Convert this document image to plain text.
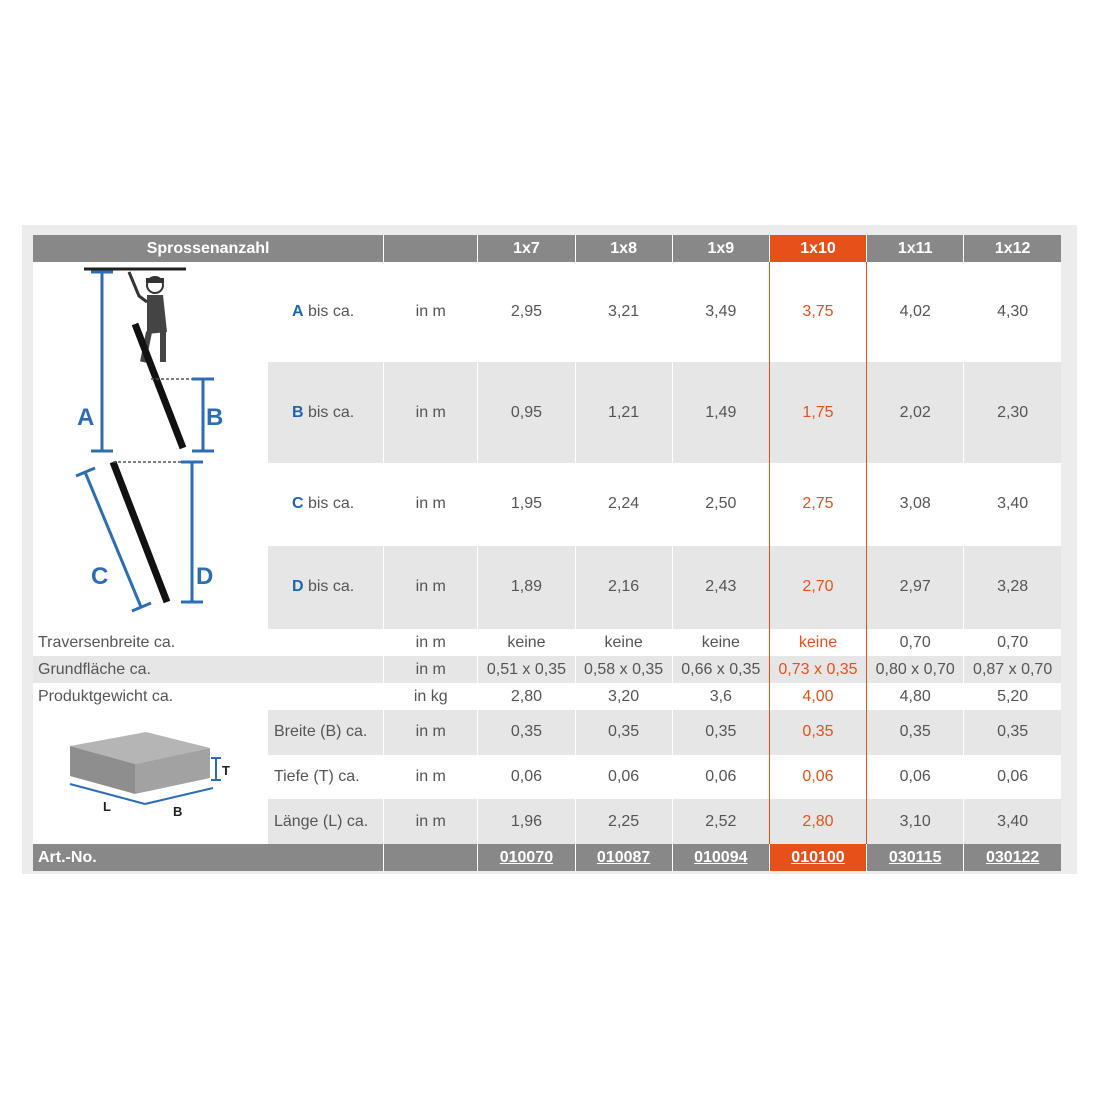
Sprossenanzahl			1x7	1x8	1x9	1x10	1x11	1x12

A B
C D	A bis ca.	in m	2,95	3,21	3,49	3,75	4,02	4,30
	B bis ca.	in m	0,95	1,21	1,49	1,75	2,02	2,30
	C bis ca.	in m	1,95	2,24	2,50	2,75	3,08	3,40
	D bis ca.	in m	1,89	2,16	2,43	2,70	2,97	3,28
Traversenbreite ca.		in m	keine	keine	keine	keine	0,70	0,70
Grundfläche ca.		in m	0,51 x 0,35	0,58 x 0,35	0,66 x 0,35	0,73 x 0,35	0,80 x 0,70	0,87 x 0,70
Produktgewicht ca.		in kg	2,80	3,20	3,6	4,00	4,80	5,20

T
L B	Breite (B) ca.	in m	0,35	0,35	0,35	0,35	0,35	0,35
	Tiefe (T) ca.	in m	0,06	0,06	0,06	0,06	0,06	0,06
	Länge (L) ca.	in m	1,96	2,25	2,52	2,80	3,10	3,40
Art.-No.			010070	010087	010094	010100	030115	030122
